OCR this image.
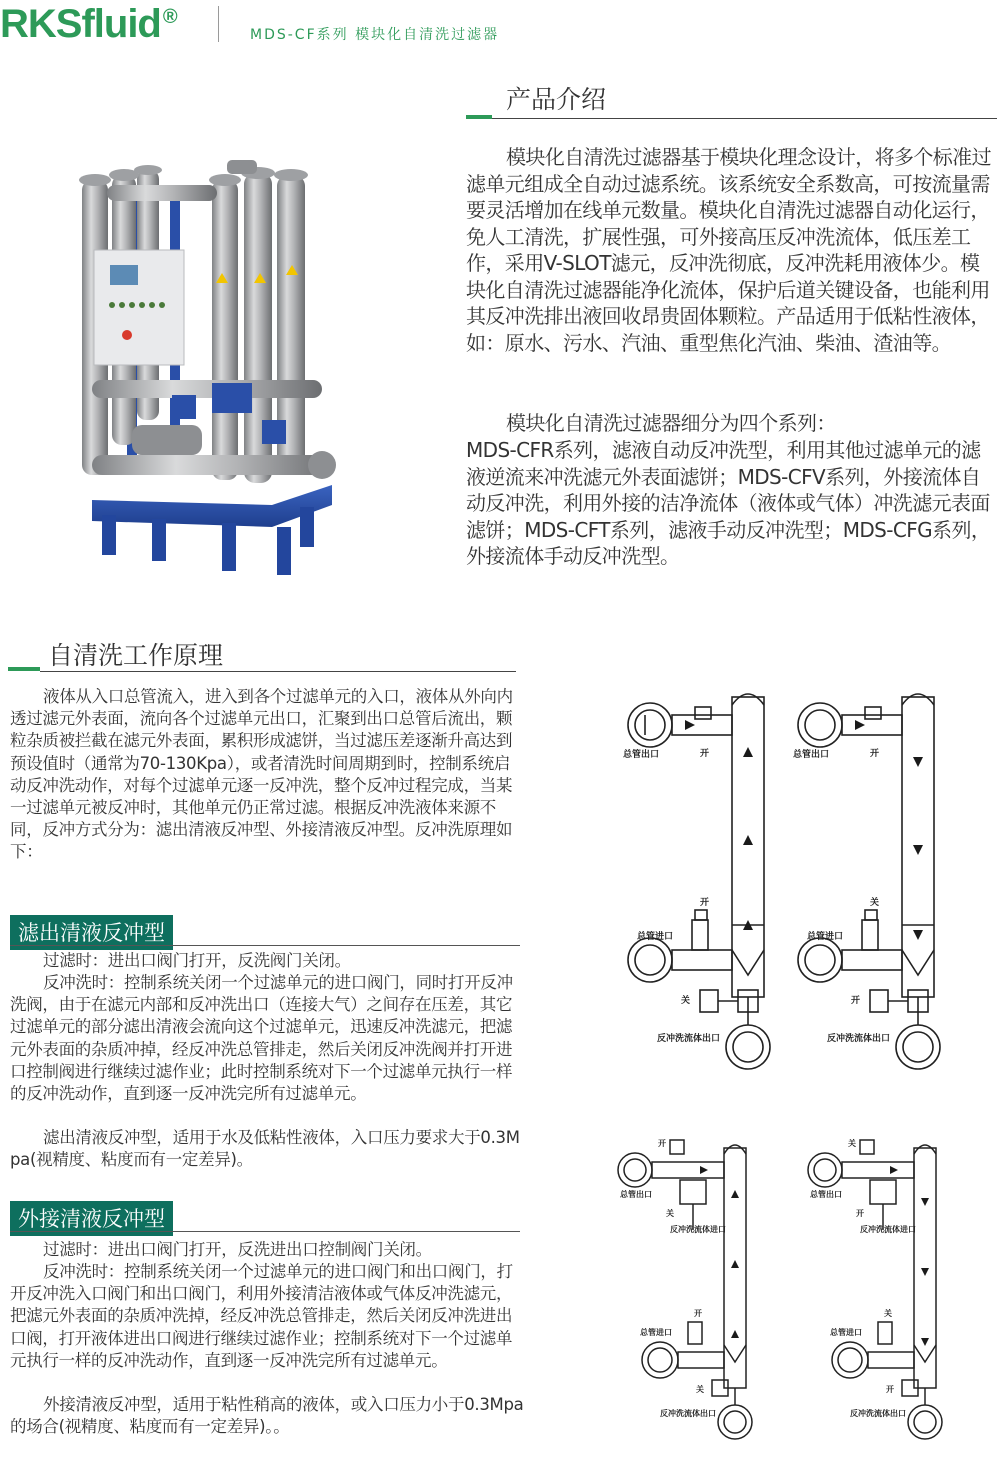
RKSfluid ®
MDS-CF系列 模块化自清洗过滤器
产品介绍
模块化自清洗过滤器基于模块化理念设计，将多个标准过滤单元组成全自动过滤系统。该系统安全系数高，可按流量需要灵活增加在线单元数量。模块化自清洗过滤器自动化运行，免人工清洗，扩展性强，可外接高压反冲洗流体，低压差工作，采用V-SLOT滤元，反冲洗彻底，反冲洗耗用液体少。模块化自清洗过滤器能净化流体，保护后道关键设备，也能利用其反冲洗排出液回收昂贵固体颗粒。产品适用于低粘性液体，如：原水、污水、汽油、重型焦化汽油、柴油、渣油等。
模块化自清洗过滤器细分为四个系列：
MDS-CFR系列，滤液自动反冲洗型，利用其他过滤单元的滤液逆流来冲洗滤元外表面滤饼；MDS-CFV系列，外接流体自动反冲洗，利用外接的洁净流体（液体或气体）冲洗滤元表面滤饼；MDS-CFT系列，滤液手动反冲洗型；MDS-CFG系列，外接流体手动反冲洗型。
自清洗工作原理
液体从入口总管流入，进入到各个过滤单元的入口，液体从外向内透过滤元外表面，流向各个过滤单元出口，汇聚到出口总管后流出，颗粒杂质被拦截在滤元外表面，累积形成滤饼，当过滤压差逐渐升高达到预设值时（通常为70-130Kpa），或者清洗时间周期到时，控制系统启动反冲洗动作，对每个过滤单元逐一反冲洗，整个反冲过程完成，当某一过滤单元被反冲时，其他单元仍正常过滤。根据反冲洗液体来源不同，反冲方式分为：滤出清液反冲型、外接清液反冲型。反冲洗原理如下：
滤出清液反冲型
过滤时：进出口阀门打开，反洗阀门关闭。
反冲洗时：控制系统关闭一个过滤单元的进口阀门，同时打开反冲洗阀，由于在滤元内部和反冲洗出口（连接大气）之间存在压差，其它过滤单元的部分滤出清液会流向这个过滤单元，迅速反冲洗滤元，把滤元外表面的杂质冲掉，经反冲洗总管排走，然后关闭反冲洗阀并打开进口控制阀进行继续过滤作业；此时控制系统对下一个过滤单元执行一样的反冲洗动作，直到逐一反冲洗完所有过滤单元。
滤出清液反冲型，适用于水及低粘性液体，入口压力要求大于0.3Mpa(视精度、粘度而有一定差异)。
外接清液反冲型
过滤时：进出口阀门打开，反洗进出口控制阀门关闭。
反冲洗时：控制系统关闭一个过滤单元的进口阀门和出口阀门，打开反冲洗入口阀门和出口阀门，利用外接清洁液体或气体反冲洗滤元，把滤元外表面的杂质冲洗掉，经反冲洗总管排走，然后关闭反冲洗进出口阀，打开液体进出口阀进行继续过滤作业；控制系统对下一个过滤单元执行一样的反冲洗动作，直到逐一反冲洗完所有过滤单元。
外接清液反冲型，适用于粘性稍高的液体，或入口压力小于0.3Mpa的场合(视精度、粘度而有一定差异)。。
总管出口	开
开
总管进口
关
反冲洗流体出口
总管出口	开
关
总管进口
开
反冲洗流体出口
开
总管出口
关
反冲洗流体进口
开
总管进口
关
反冲洗流体出口
关
总管出口
开
反冲洗流体进口
关
总管进口
开
反冲洗流体出口
